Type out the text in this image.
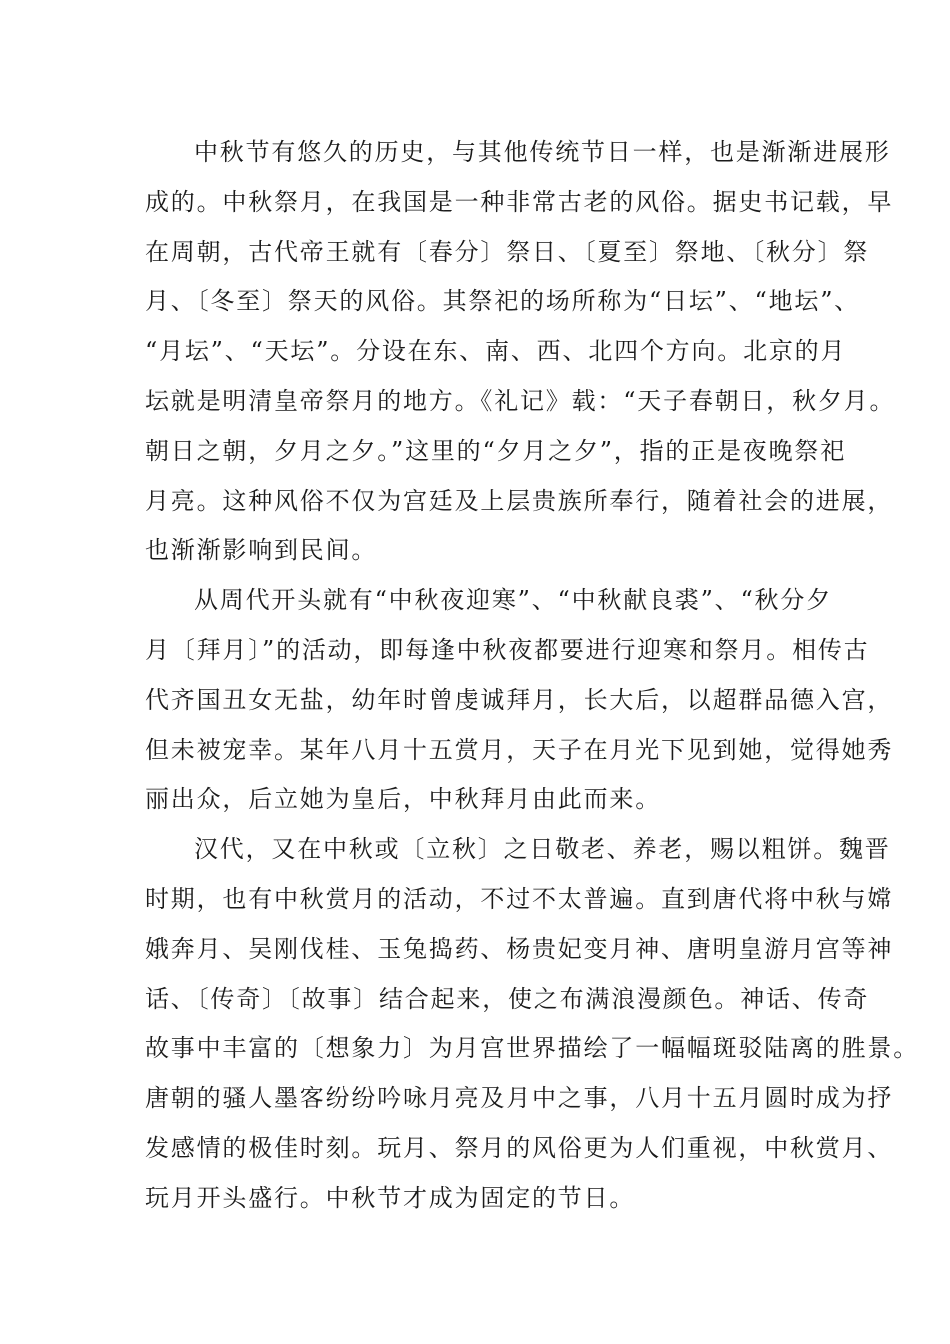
中秋节有悠久的历史，与其他传统节日一样，也是渐渐进展形
成的。中秋祭月，在我国是一种非常古老的风俗。据史书记载，早
在周朝，古代帝王就有〔春分〕祭日、〔夏至〕祭地、〔秋分〕祭
月、〔冬至〕祭天的风俗。其祭祀的场所称为“日坛”、“地坛”、
“月坛”、“天坛”。分设在东、南、西、北四个方向。北京的月
坛就是明清皇帝祭月的地方。《礼记》载：“天子春朝日，秋夕月。
朝日之朝，夕月之夕。”这里的“夕月之夕”，指的正是夜晚祭祀
月亮。这种风俗不仅为宫廷及上层贵族所奉行，随着社会的进展，
也渐渐影响到民间。
从周代开头就有“中秋夜迎寒”、“中秋献良裘”、“秋分夕
月〔拜月〕”的活动，即每逢中秋夜都要进行迎寒和祭月。相传古
代齐国丑女无盐，幼年时曾虔诚拜月，长大后，以超群品德入宫，
但未被宠幸。某年八月十五赏月，天子在月光下见到她，觉得她秀
丽出众，后立她为皇后，中秋拜月由此而来。
汉代，又在中秋或〔立秋〕之日敬老、养老，赐以粗饼。魏晋
时期，也有中秋赏月的活动，不过不太普遍。直到唐代将中秋与嫦
娥奔月、吴刚伐桂、玉兔捣药、杨贵妃变月神、唐明皇游月宫等神
话、〔传奇〕〔故事〕结合起来，使之布满浪漫颜色。神话、传奇
故事中丰富的〔想象力〕为月宫世界描绘了一幅幅斑驳陆离的胜景。
唐朝的骚人墨客纷纷吟咏月亮及月中之事，八月十五月圆时成为抒
发感情的极佳时刻。玩月、祭月的风俗更为人们重视，中秋赏月、
玩月开头盛行。中秋节才成为固定的节日。
